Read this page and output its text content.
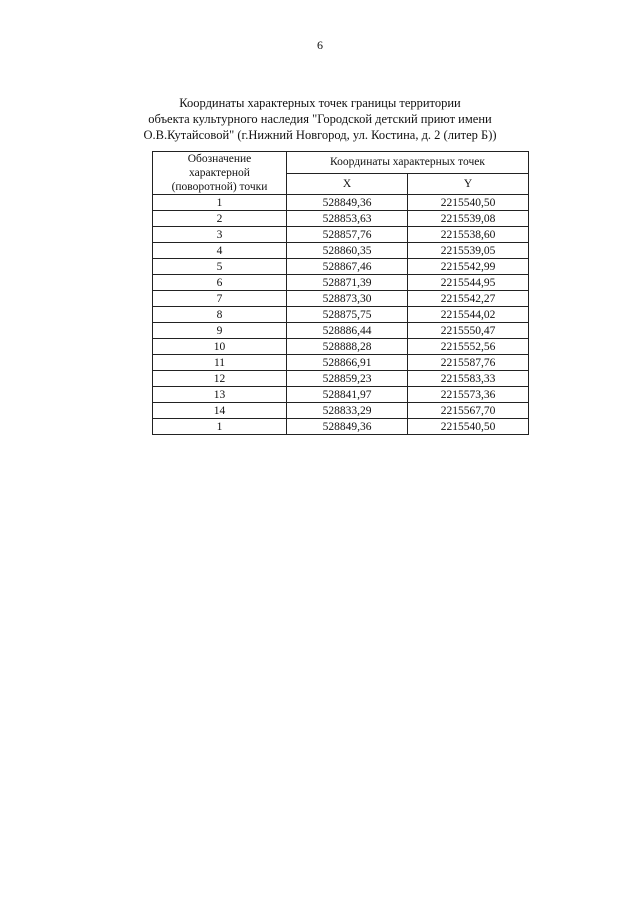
6
Координаты характерных точек границы территории
объекта культурного наследия "Городской детский приют имени
О.В.Кутайсовой" (г.Нижний Новгород, ул. Костина, д. 2 (литер Б))
Обозначение
характерной
(поворотной) точки	Координаты характерных точек	
	X	Y
1	528849,36	2215540,50
2	528853,63	2215539,08
3	528857,76	2215538,60
4	528860,35	2215539,05
5	528867,46	2215542,99
6	528871,39	2215544,95
7	528873,30	2215542,27
8	528875,75	2215544,02
9	528886,44	2215550,47
10	528888,28	2215552,56
11	528866,91	2215587,76
12	528859,23	2215583,33
13	528841,97	2215573,36
14	528833,29	2215567,70
1	528849,36	2215540,50
